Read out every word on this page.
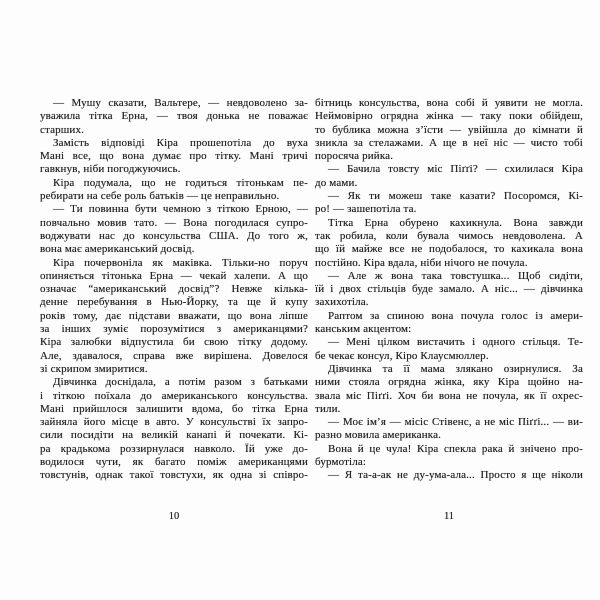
— Мушу сказати, Вальтере, — невдоволено за-
уважила тітка Ерна, — твоя донька не поважає
старших.
Замість відповіді Кіра прошепотіла до вуха
Мані все, що вона думає про тітку. Мані тричі
гавкнув, ніби погоджуючись.
Кіра подумала, що не годиться тітонькам пе-
ребирати на себе роль батьків — це неправильно.
— Ти повинна бути чемною з тіткою Ерною, —
повчально мовив тато. — Вона погодилася супро-
воджувати нас до консульства США. До того ж,
вона має американський досвід.
Кіра почервоніла як маківка. Тільки-но поруч
опиняється тітонька Ерна — чекай халепи. А що
означає “американський досвід”? Невже кілька-
денне перебування в Нью-Йорку, та ще й купу
років тому, дає підстави вважати, що вона ліпше
за інших зуміє порозумітися з американцями?
Кіра залюбки відпустила би свою тітку додому.
Але, здавалося, справа вже вирішена. Довелося
зі скрипом змиритися.
Дівчинка доснідала, а потім разом з батьками
і тіткою поїхала до американського консульства.
Мані прийшлося залишити вдома, бо тітка Ерна
зайняла його місце в авто. У консульстві їх запро-
сили посидіти на великій канапі й почекати. Кі-
ра крадькома роззирнулася навколо. Їй уже до-
водилося чути, як багато поміж американцями
товстунів, однак такої товстухи, як одна зі співро-
10
бітниць консульства, вона собі й уявити не могла.
Неймовірно огрядна жінка — таку поки обійдеш,
то бублика можна з’їсти — увійшла до кімнати й
зникла за стелажами. А ще в неї ніс — чисто тобі
поросяча рийка.
— Бачила товсту міс Піґґі? — схилилася Кіра
до мами.
— Як ти можеш таке казати? Посоромся, Кі-
ро! — зашепотіла та.
Тітка Ерна обурено кахикнула. Вона завжди
так робила, коли бувала чимось невдоволена. А
що їй майже все не подобалося, то кахикала вона
постійно. Кіра вдала, ніби нічого не почула.
— Але ж вона така товстушка... Щоб сидіти,
їй і двох стільців буде замало. А ніс... — дівчинка
захихотіла.
Раптом за спиною вона почула голос із амери-
канським акцентом:
— Мені цілком вистачить і одного стільця. Те-
бе чекає консул, Кіро Клаусмюллер.
Дівчинка та її мама злякано озирнулися. За
ними стояла огрядна жінка, яку Кіра щойно на-
звала міс Піґґі. Хоч би вона не почула, як її охрес-
тили.
— Моє ім’я — місіс Стівенс, а не міс Піґґі... — ви-
разно мовила американка.
Вона й це чула! Кіра спекла рака й знічено про-
бурмотіла:
— Я та-а-ак не ду-ума-ала... Просто я ще ніколи
11
